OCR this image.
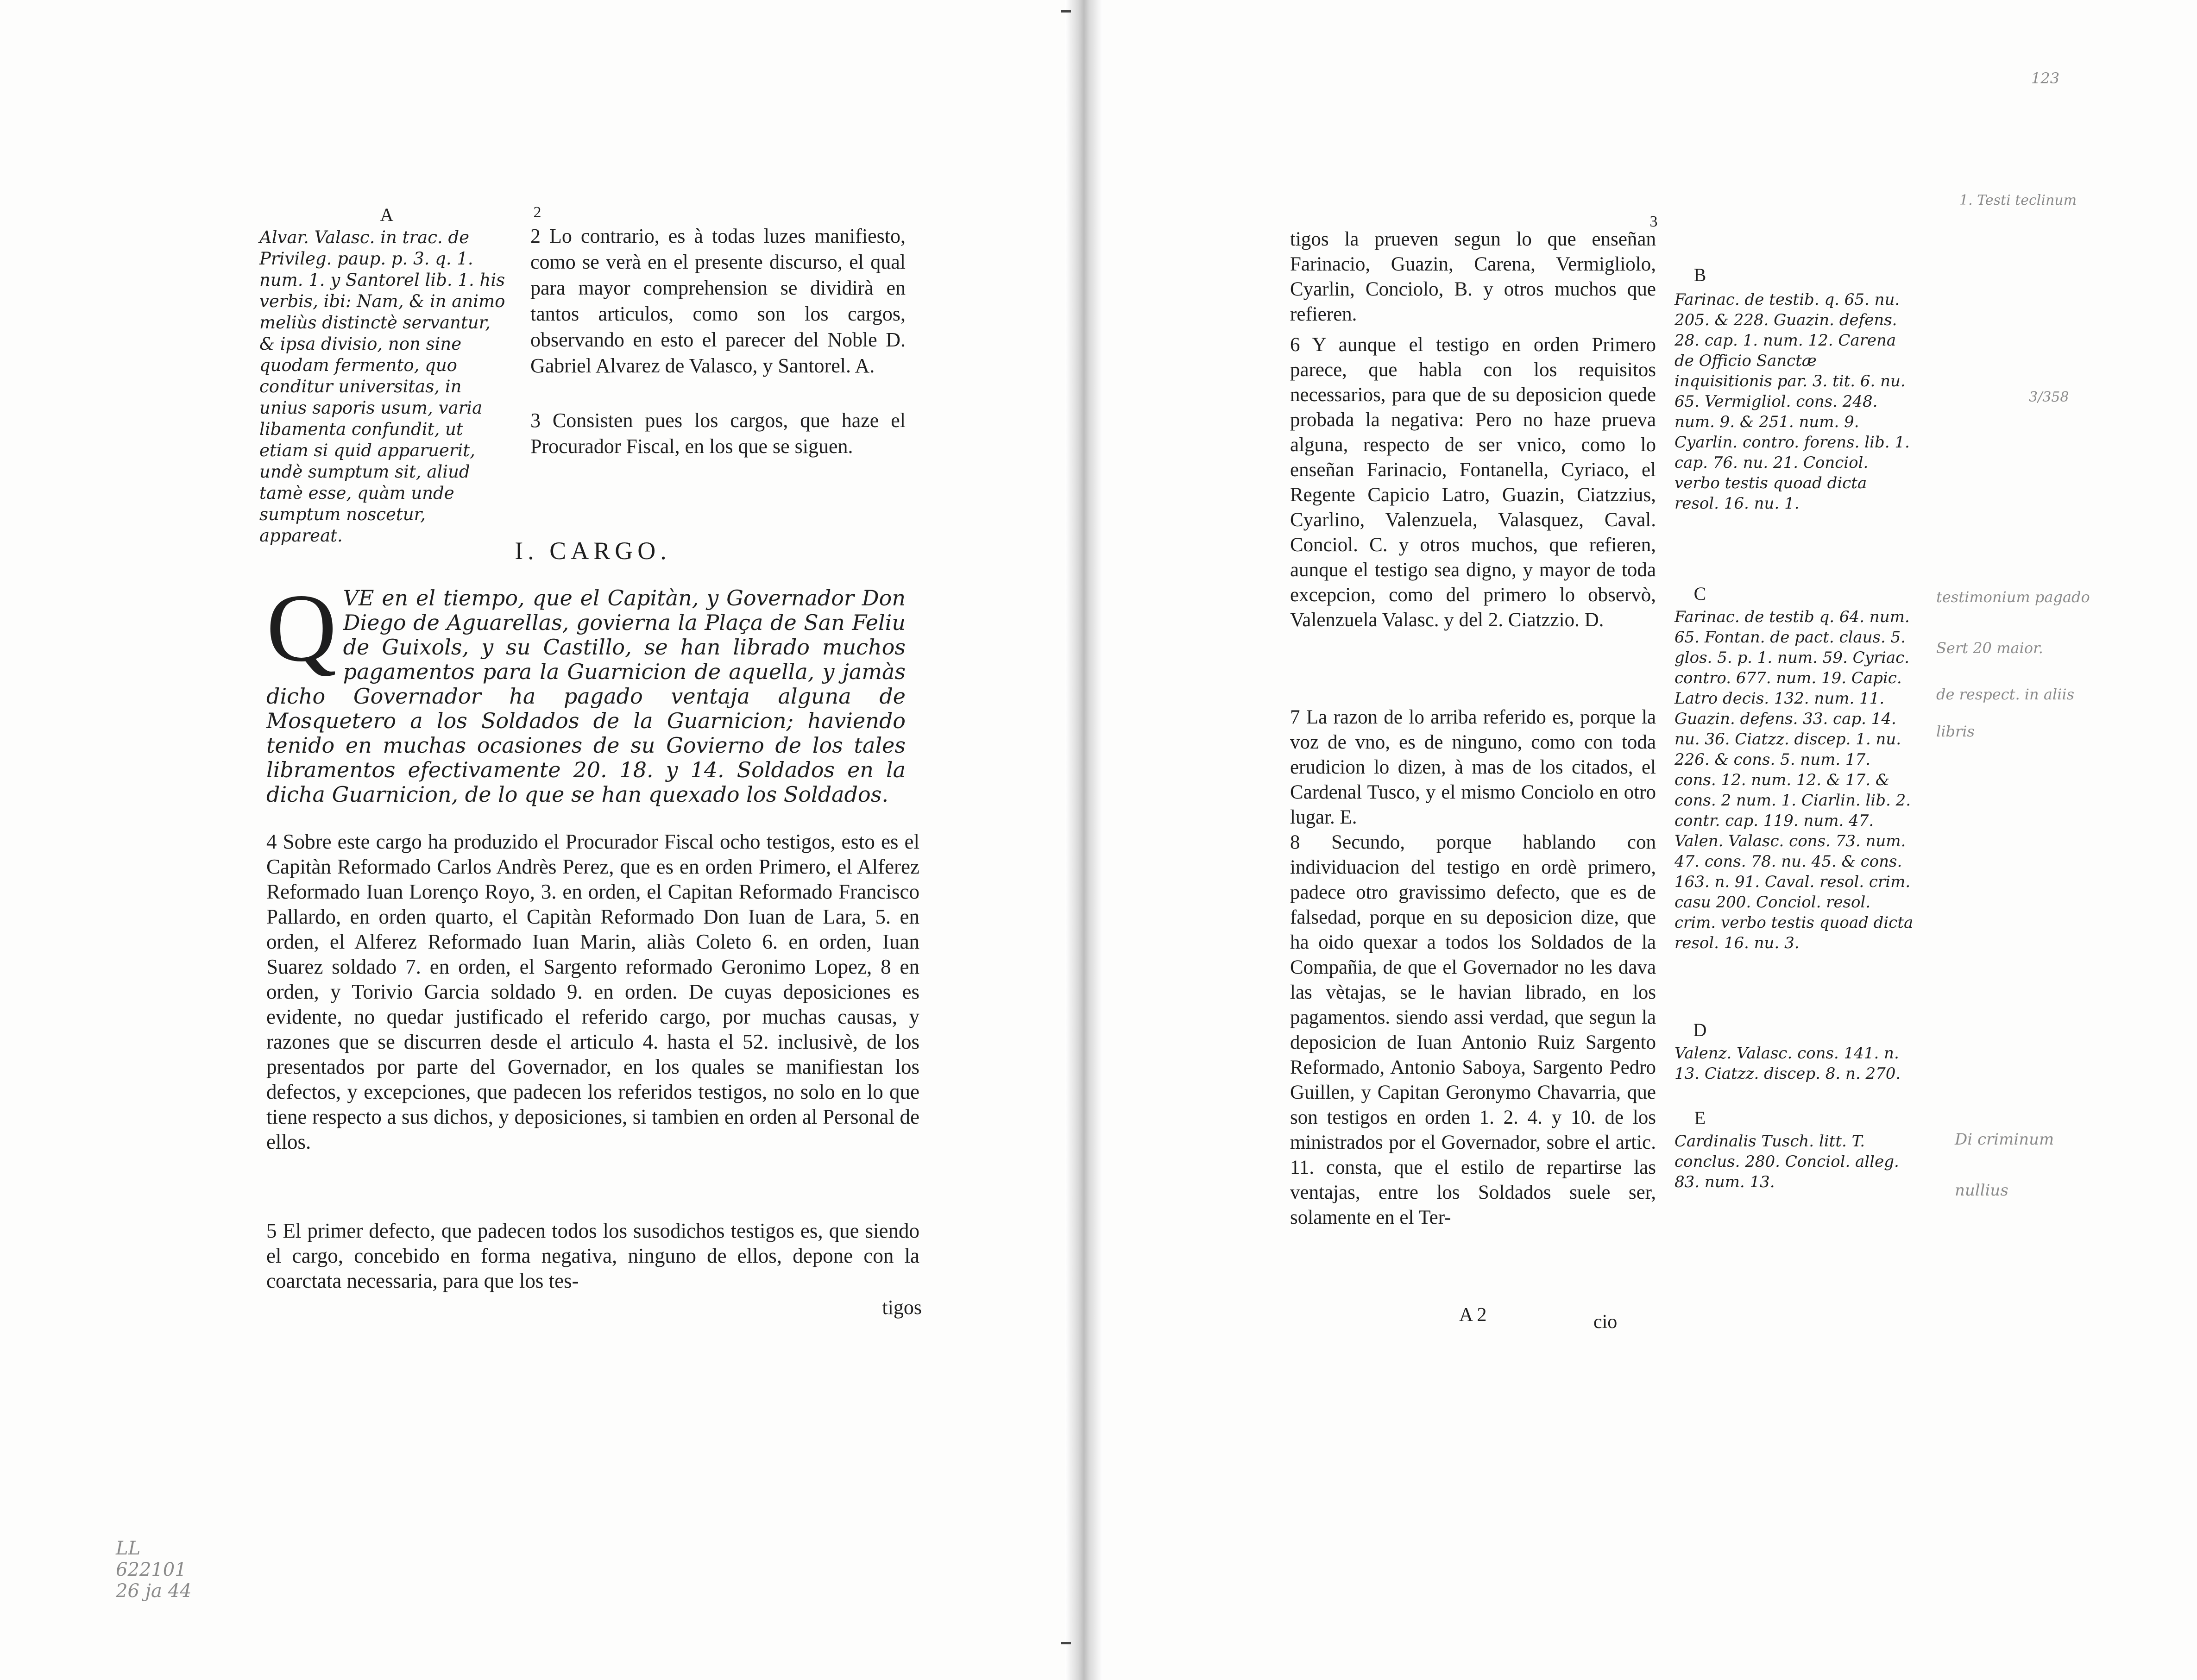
A	2

Alvar. Valasc. in trac. de Privileg. paup. p. 3. q. 1. num. 1. y Santorel lib. 1. his verbis, ibi: Nam, & in animo meliùs distinctè servantur, & ipsa divisio, non sine quodam fermento, quo conditur universitas, in unius saporis usum, varia libamenta confundit, ut etiam si quid apparuerit, undè sumptum sit, aliud tamè esse, quàm unde sumptum noscetur, appareat.

2 Lo contrario, es à todas luzes manifiesto, como se verà en el presente discurso, el qual para mayor comprehension se dividirà en tantos articulos, como son los cargos, observando en esto el parecer del Noble D. Gabriel Alvarez de Valasco, y Santorel. A.

3 Consisten pues los cargos, que haze el Procurador Fiscal, en los que se siguen.

I. CARGO.
Q VE en el tiempo, que el Capitàn, y Governador Don Diego de Aguarellas, govierna la Plaça de San Feliu de Guixols, y su Castillo, se han librado muchos pagamentos para la Guarnicion de aquella, y jamàs dicho Governador ha pagado ventaja alguna de Mosquetero a los Soldados de la Guarnicion; haviendo tenido en muchas ocasiones de su Govierno de los tales libramentos efectivamente 20. 18. y 14. Soldados en la dicha Guarnicion, de lo que se han quexado los Soldados.

4 Sobre este cargo ha produzido el Procurador Fiscal ocho testigos, esto es el Capitàn Reformado Carlos Andrès Perez, que es en orden Primero, el Alferez Reformado Iuan Lorenço Royo, 3. en orden, el Capitan Reformado Francisco Pallardo, en orden quarto, el Capitàn Reformado Don Iuan de Lara, 5. en orden, el Alferez Reformado Iuan Marin, aliàs Coleto 6. en orden, Iuan Suarez soldado 7. en orden, el Sargento reformado Geronimo Lopez, 8 en orden, y Torivio Garcia soldado 9. en orden. De cuyas deposiciones es evidente, no quedar justificado el referido cargo, por muchas causas, y razones que se discurren desde el articulo 4. hasta el 52. inclusivè, de los presentados por parte del Governador, en los quales se manifiestan los defectos, y excepciones, que padecen los referidos testigos, no solo en lo que tiene respecto a sus dichos, y deposiciones, si tambien en orden al Personal de ellos.

5 El primer defecto, que padecen todos los susodichos testigos es, que siendo el cargo, concebido en forma negativa, ninguno de ellos, depone con la coarctata necessaria, para que los tes-

tigos
LL
622101
26 ja 44
123
3

tigos la prueven segun lo que enseñan Farinacio, Guazin, Carena, Vermigliolo, Cyarlin, Conciolo, B. y otros muchos que refieren.

6 Y aunque el testigo en orden Primero parece, que habla con los requisitos necessarios, para que de su deposicion quede probada la negativa: Pero no haze prueva alguna, respecto de ser vnico, como lo enseñan Farinacio, Fontanella, Cyriaco, el Regente Capicio Latro, Guazin, Ciatzzius, Cyarlino, Valenzuela, Valasquez, Caval. Conciol. C. y otros muchos, que refieren, aunque el testigo sea digno, y mayor de toda excepcion, como del primero lo observò, Valenzuela Valasc. y del 2. Ciatzzio. D.

7 La razon de lo arriba referido es, porque la voz de vno, es de ninguno, como con toda erudicion lo dizen, à mas de los citados, el Cardenal Tusco, y el mismo Conciolo en otro lugar. E.

8 Secundo, porque hablando con individuacion del testigo en ordè primero, padece otro gravissimo defecto, que es de falsedad, porque en su deposicion dize, que ha oido quexar a todos los Soldados de la Compañia, de que el Governador no les dava las vètajas, se le havian librado, en los pagamentos. siendo assi verdad, que segun la deposicion de Iuan Antonio Ruiz Sargento Reformado, Antonio Saboya, Sargento Pedro Guillen, y Capitan Geronymo Chavarria, que son testigos en orden 1. 2. 4. y 10. de los ministrados por el Governador, sobre el artic. 11. consta, que el estilo de repartirse las ventajas, entre los Soldados suele ser, solamente en el Ter-

A 2	cio
B

Farinac. de testib. q. 65. nu. 205. & 228. Guazin. defens. 28. cap. 1. num. 12. Carena de Officio Sanctæ inquisitionis par. 3. tit. 6. nu. 65. Vermigliol. cons. 248. num. 9. & 251. num. 9. Cyarlin. contro. forens. lib. 1. cap. 76. nu. 21. Conciol. verbo testis quoad dicta resol. 16. nu. 1.

C

Farinac. de testib q. 64. num. 65. Fontan. de pact. claus. 5. glos. 5. p. 1. num. 59. Cyriac. contro. 677. num. 19. Capic. Latro decis. 132. num. 11. Guazin. defens. 33. cap. 14. nu. 36. Ciatzz. discep. 1. nu. 226. & cons. 5. num. 17. cons. 12. num. 12. & 17. & cons. 2 num. 1. Ciarlin. lib. 2. contr. cap. 119. num. 47. Valen. Valasc. cons. 73. num. 47. cons. 78. nu. 45. & cons. 163. n. 91. Caval. resol. crim. casu 200. Conciol. resol. crim. verbo testis quoad dicta resol. 16. nu. 3.

D

Valenz. Valasc. cons. 141. n. 13. Ciatzz. discep. 8. n. 270.

E

Cardinalis Tusch. litt. T. conclus. 280. Conciol. alleg. 83. num. 13.

1. Testi teclinum
3/358
testimonium pagado
Sert 20 maior.
de respect. in aliis
libris
Di criminum
nullius
